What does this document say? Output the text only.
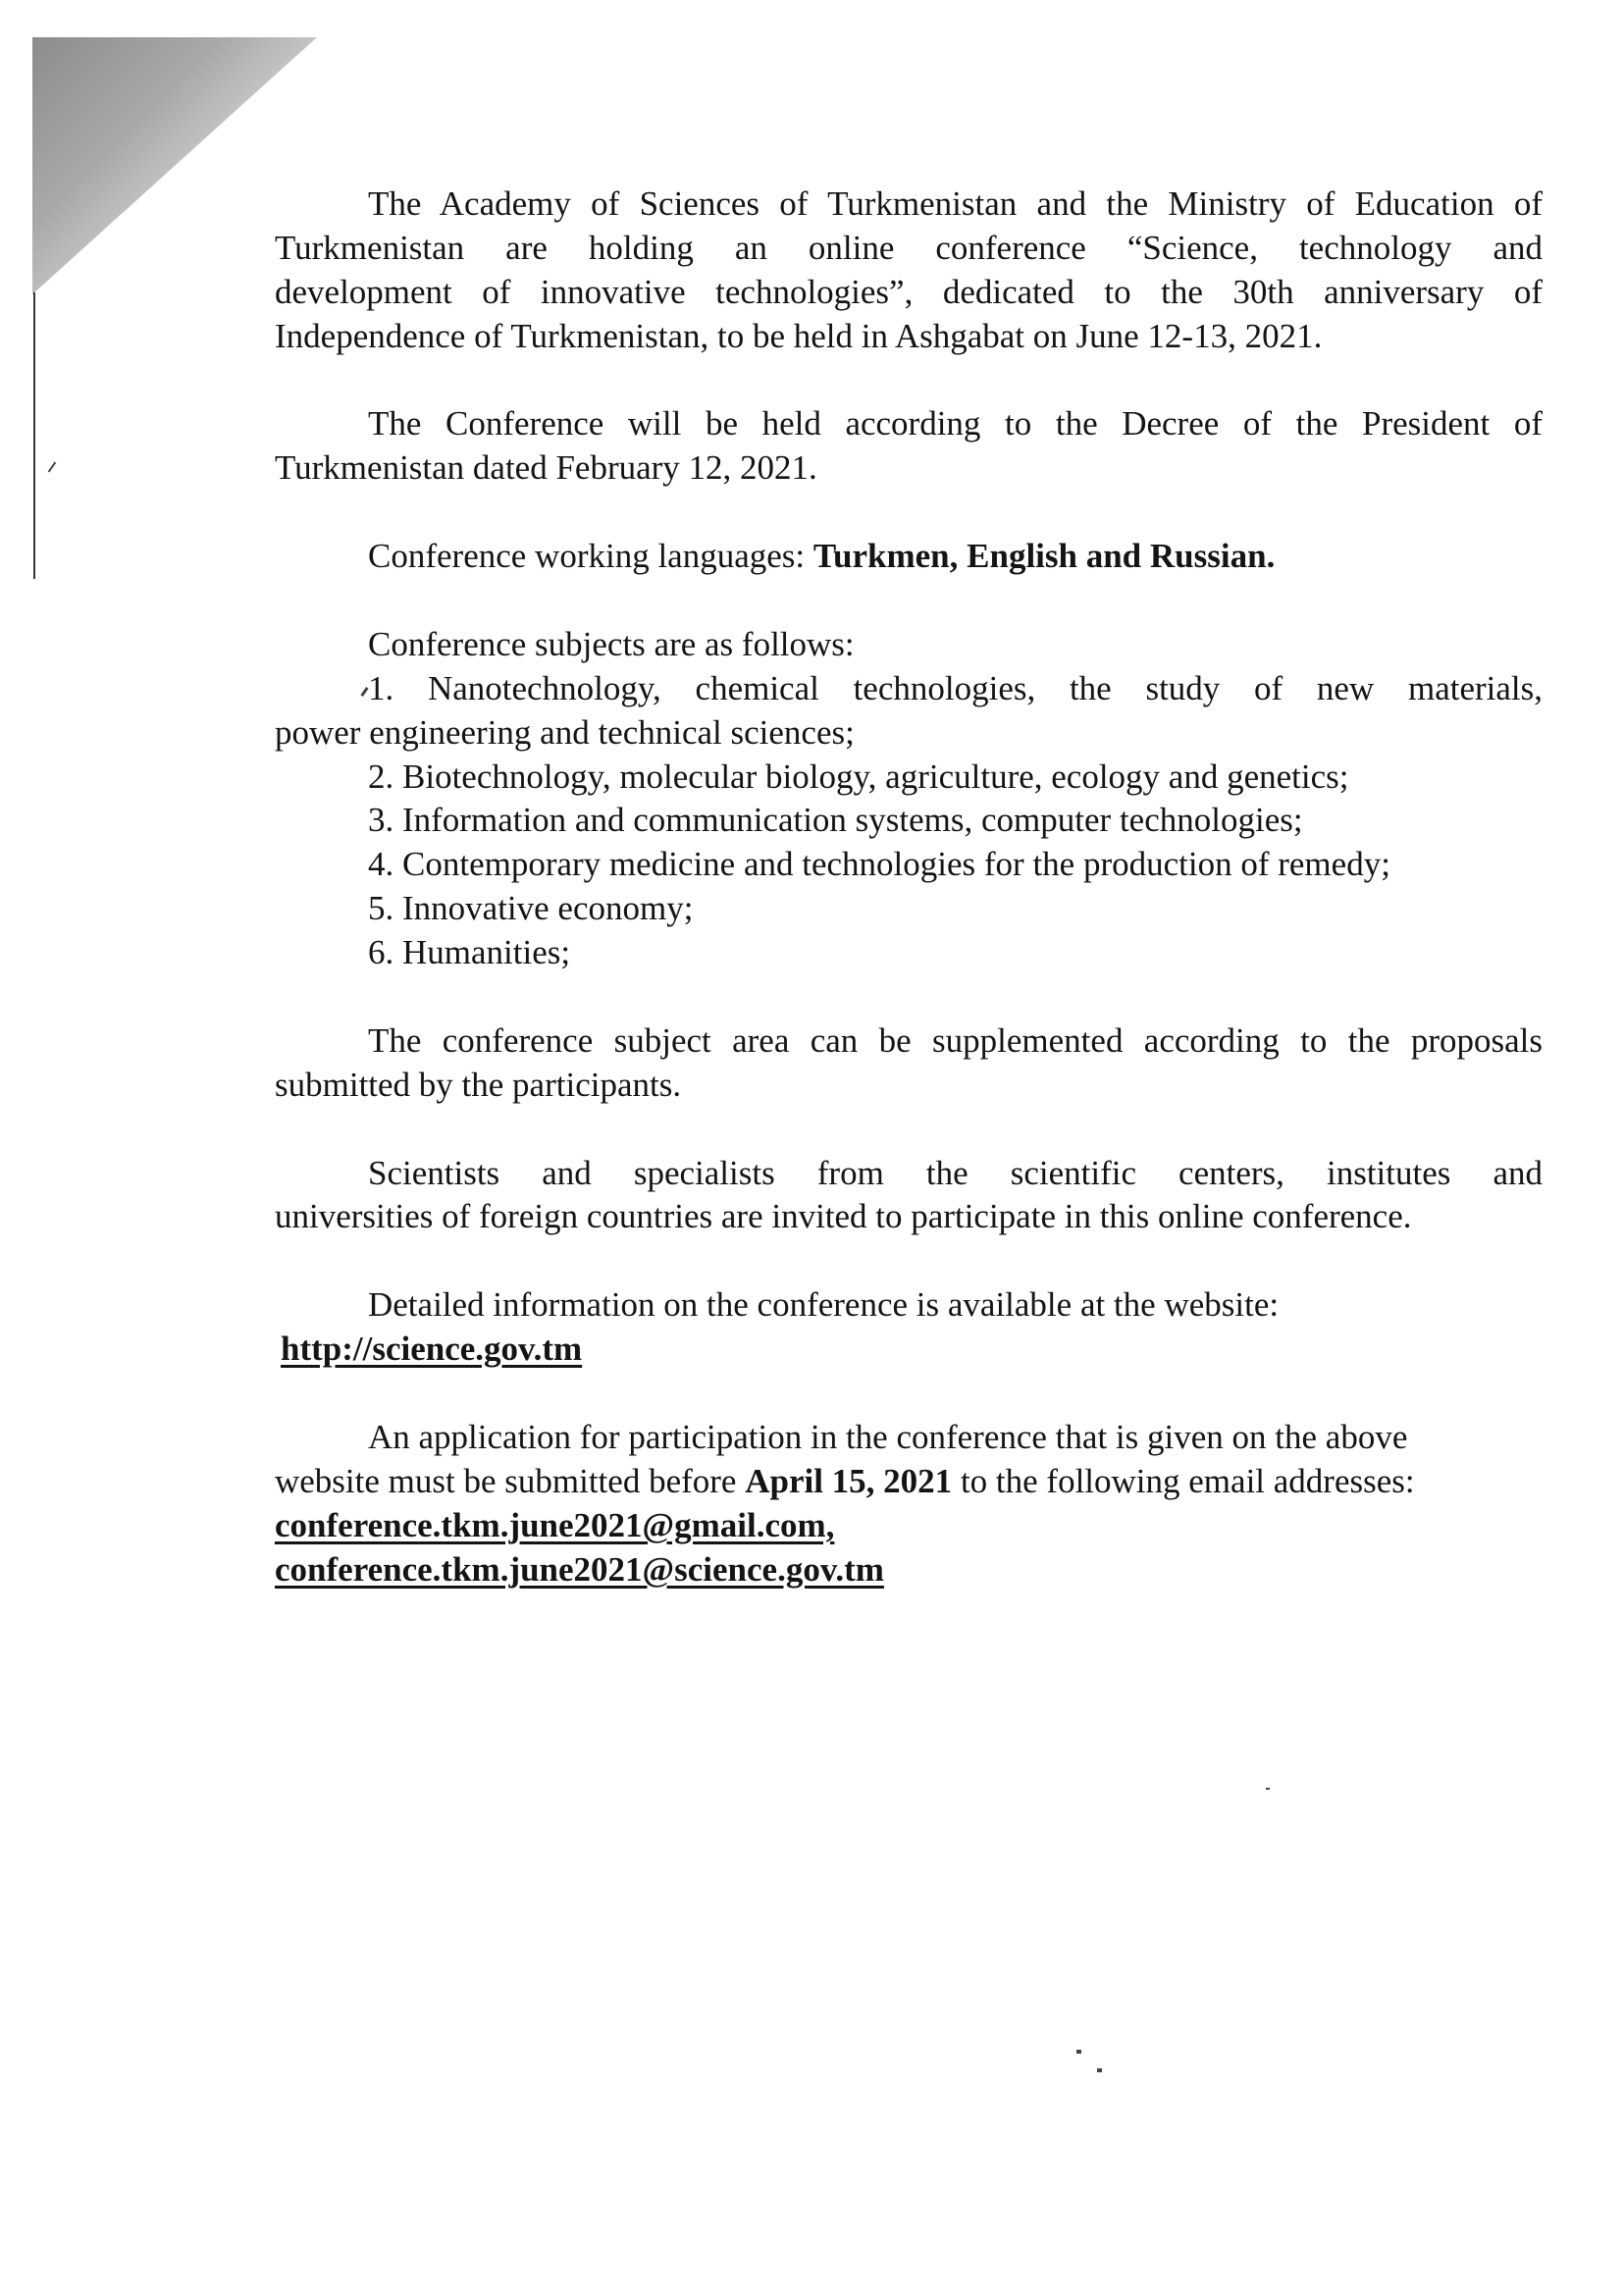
The Academy of Sciences of Turkmenistan and the Ministry of Education of
Turkmenistan are holding an online conference “Science, technology and
development of innovative technologies”, dedicated to the 30th anniversary of
Independence of Turkmenistan, to be held in Ashgabat on June 12-13, 2021.
The Conference will be held according to the Decree of the President of
Turkmenistan dated February 12, 2021.
Conference working languages: Turkmen, English and Russian.
Conference subjects are as follows:
1. Nanotechnology, chemical technologies, the study of new materials,
power engineering and technical sciences;
2. Biotechnology, molecular biology, agriculture, ecology and genetics;
3. Information and communication systems, computer technologies;
4. Contemporary medicine and technologies for the production of remedy;
5. Innovative economy;
6. Humanities;
The conference subject area can be supplemented according to the proposals
submitted by the participants.
Scientists and specialists from the scientific centers, institutes and
universities of foreign countries are invited to participate in this online conference.
Detailed information on the conference is available at the website:
http://science.gov.tm
An application for participation in the conference that is given on the above
website must be submitted before April 15, 2021 to the following email addresses:
conference.tkm.june2021@gmail.com,
conference.tkm.june2021@science.gov.tm
